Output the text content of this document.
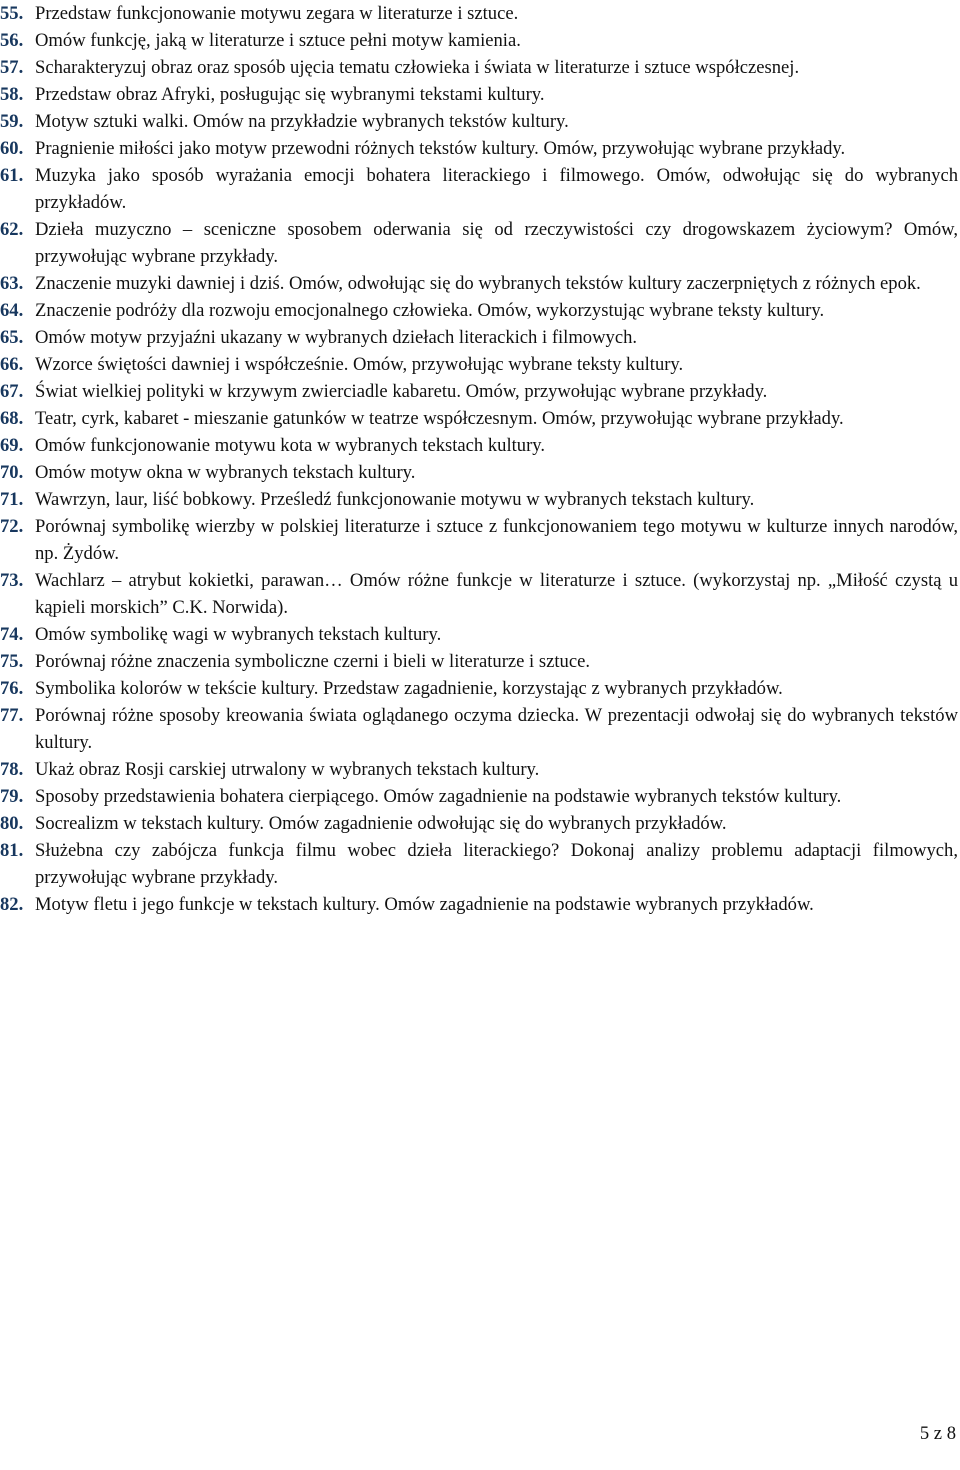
55. Przedstaw funkcjonowanie motywu zegara w literaturze i sztuce.
56. Omów funkcję, jaką w literaturze i sztuce pełni motyw kamienia.
57. Scharakteryzuj obraz oraz sposób ujęcia tematu człowieka i świata w literaturze i sztuce współczesnej.
58. Przedstaw obraz Afryki, posługując się wybranymi tekstami kultury.
59. Motyw sztuki walki. Omów na przykładzie wybranych tekstów kultury.
60. Pragnienie miłości jako motyw przewodni różnych tekstów kultury. Omów, przywołując wybrane przykłady.
61. Muzyka jako sposób wyrażania emocji bohatera literackiego i filmowego. Omów, odwołując się do wybranych przykładów.
62. Dzieła muzyczno – sceniczne sposobem oderwania się od rzeczywistości czy drogowskazem życiowym? Omów, przywołując wybrane przykłady.
63. Znaczenie muzyki dawniej i dziś. Omów, odwołując się do wybranych tekstów kultury zaczerpniętych z różnych epok.
64. Znaczenie podróży dla rozwoju emocjonalnego człowieka. Omów, wykorzystując wybrane teksty kultury.
65. Omów motyw przyjaźni ukazany w wybranych dziełach literackich i filmowych.
66. Wzorce świętości dawniej i współcześnie. Omów, przywołując wybrane teksty kultury.
67. Świat wielkiej polityki w krzywym zwierciadle kabaretu. Omów, przywołując wybrane przykłady.
68. Teatr, cyrk, kabaret - mieszanie gatunków w teatrze współczesnym. Omów, przywołując wybrane przykłady.
69. Omów funkcjonowanie motywu kota w wybranych tekstach kultury.
70. Omów motyw okna w wybranych tekstach kultury.
71. Wawrzyn, laur, liść bobkowy. Prześledź funkcjonowanie motywu w wybranych tekstach kultury.
72. Porównaj symbolikę wierzby w polskiej literaturze i sztuce z funkcjonowaniem tego motywu w kulturze innych narodów, np. Żydów.
73. Wachlarz – atrybut kokietki, parawan… Omów różne funkcje w literaturze i sztuce. (wykorzystaj np. „Miłość czystą u kąpieli morskich” C.K. Norwida).
74. Omów symbolikę wagi w wybranych tekstach kultury.
75. Porównaj różne znaczenia symboliczne czerni i bieli w literaturze i sztuce.
76. Symbolika kolorów w tekście kultury. Przedstaw zagadnienie, korzystając z wybranych przykładów.
77. Porównaj różne sposoby kreowania świata oglądanego oczyma dziecka. W prezentacji odwołaj się do wybranych tekstów kultury.
78. Ukaż obraz Rosji carskiej utrwalony w wybranych tekstach kultury.
79. Sposoby przedstawienia bohatera cierpiącego. Omów zagadnienie na podstawie wybranych tekstów kultury.
80. Socrealizm w tekstach kultury. Omów zagadnienie odwołując się do wybranych przykładów.
81. Służebna czy zabójcza funkcja filmu wobec dzieła literackiego? Dokonaj analizy problemu adaptacji filmowych, przywołując wybrane przykłady.
82. Motyw fletu i jego funkcje w tekstach kultury. Omów zagadnienie na podstawie wybranych przykładów.
5 z 8
